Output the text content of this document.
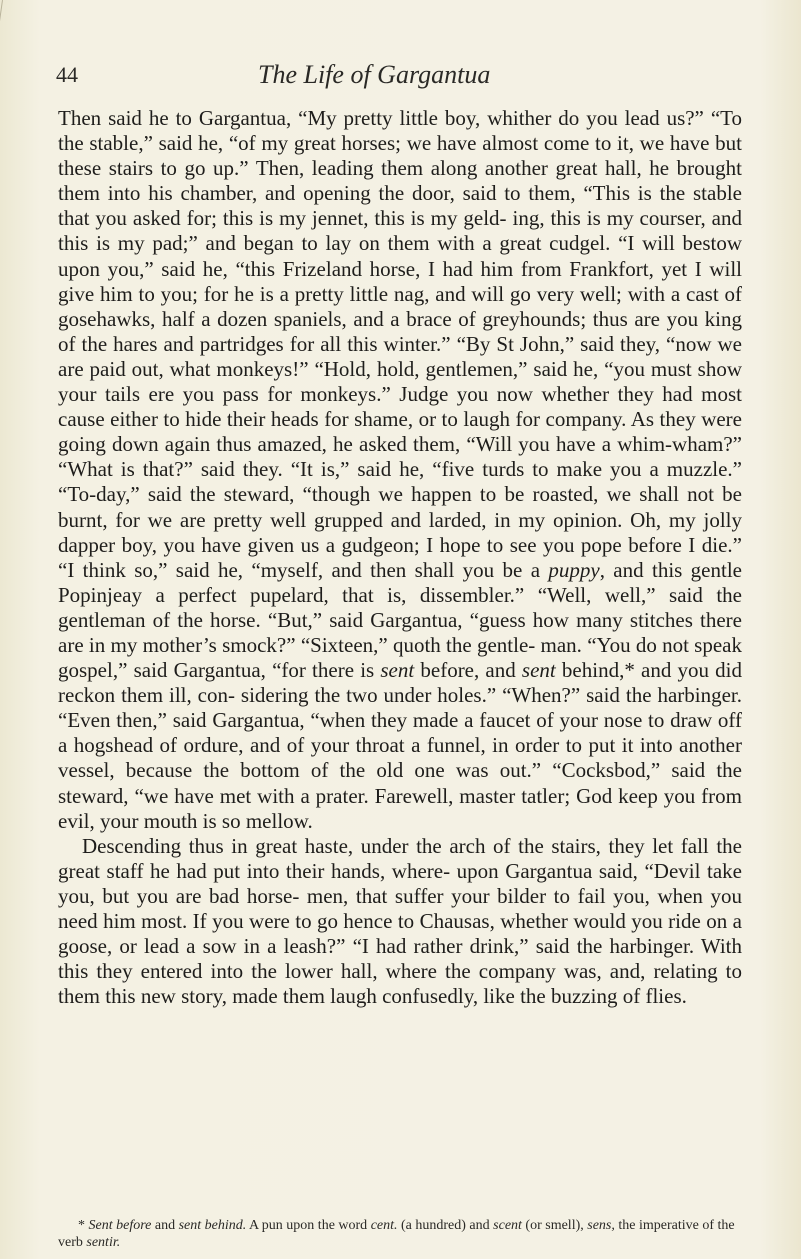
44	The Life of Gargantua

Then said he to Gargantua, “My pretty little boy, whither do you lead us?” “To the stable,” said he, “of my great horses; we have almost come to it, we have but these stairs to go up.” Then, leading them along another great hall, he brought them into his chamber, and opening the door, said to them, “This is the stable that you asked for; this is my jennet, this is my geld- ing, this is my courser, and this is my pad;” and began to lay on them with a great cudgel. “I will bestow upon you,” said he, “this Frizeland horse, I had him from Frankfort, yet I will give him to you; for he is a pretty little nag, and will go very well; with a cast of gosehawks, half a dozen spaniels, and a brace of greyhounds; thus are you king of the hares and partridges for all this winter.” “By St John,” said they, “now we are paid out, what monkeys!” “Hold, hold, gentlemen,” said he, “you must show your tails ere you pass for monkeys.” Judge you now whether they had most cause either to hide their heads for shame, or to laugh for company. As they were going down again thus amazed, he asked them, “Will you have a whim-wham?” “What is that?” said they. “It is,” said he, “five turds to make you a muzzle.” “To-day,” said the steward, “though we happen to be roasted, we shall not be burnt, for we are pretty well grupped and larded, in my opinion. Oh, my jolly dapper boy, you have given us a gudgeon; I hope to see you pope before I die.” “I think so,” said he, “myself, and then shall you be a puppy, and this gentle Popinjeay a perfect pupelard, that is, dissembler.” “Well, well,” said the gentleman of the horse. “But,” said Gargantua, “guess how many stitches there are in my mother’s smock?” “Sixteen,” quoth the gentle- man. “You do not speak gospel,” said Gargantua, “for there is sent before, and sent behind,* and you did reckon them ill, con- sidering the two under holes.” “When?” said the harbinger. “Even then,” said Gargantua, “when they made a faucet of your nose to draw off a hogshead of ordure, and of your throat a funnel, in order to put it into another vessel, because the bottom of the old one was out.” “Cocksbod,” said the steward, “we have met with a prater. Farewell, master tatler; God keep you from evil, your mouth is so mellow.

Descending thus in great haste, under the arch of the stairs, they let fall the great staff he had put into their hands, where- upon Gargantua said, “Devil take you, but you are bad horse- men, that suffer your bilder to fail you, when you need him most. If you were to go hence to Chausas, whether would you ride on a goose, or lead a sow in a leash?” “I had rather drink,” said the harbinger. With this they entered into the lower hall, where the company was, and, relating to them this new story, made them laugh confusedly, like the buzzing of flies.

* Sent before and sent behind. A pun upon the word cent. (a hundred) and scent (or smell), sens, the imperative of the verb sentir.
